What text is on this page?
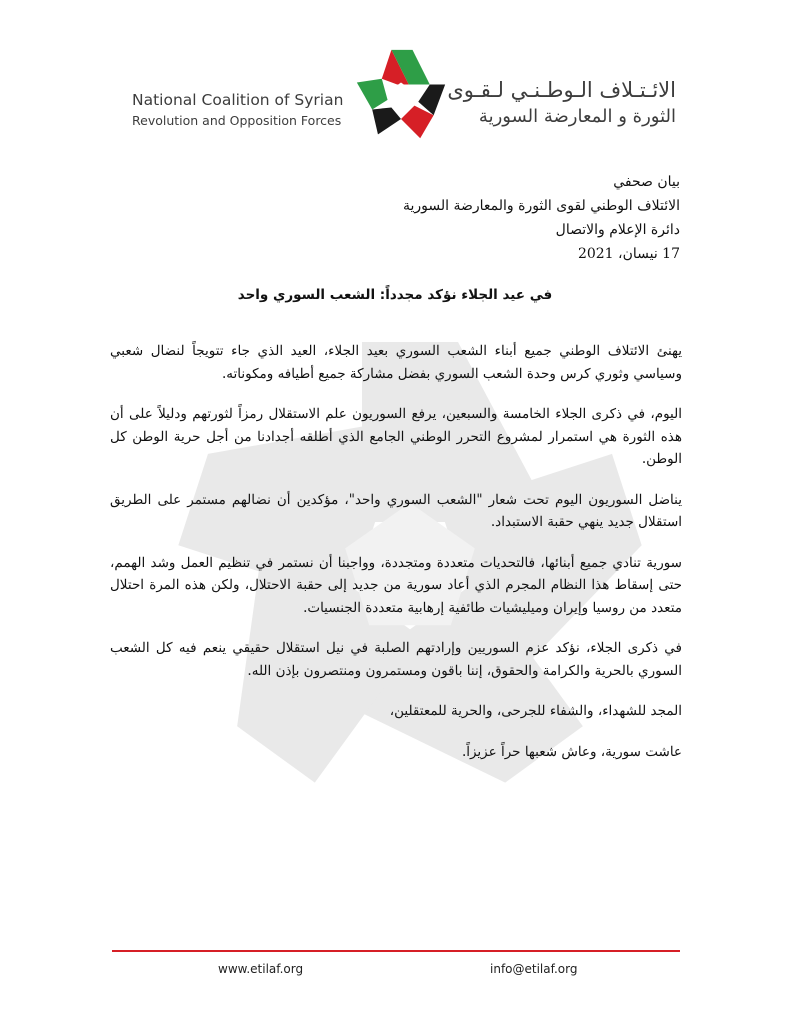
National Coalition of Syrian
Revolution and Opposition Forces
الائـتـلاف الـوطـنـي لـقـوى
الثورة و المعارضة السورية
بيان صحفي
الائتلاف الوطني لقوى الثورة والمعارضة السورية
دائرة الإعلام والاتصال
17 نيسان، 2021
في عيد الجلاء نؤكد مجدداً: الشعب السوري واحد

يهنئ الائتلاف الوطني جميع أبناء الشعب السوري بعيد الجلاء، العيد الذي جاء تتويجاً لنضال شعبي وسياسي وثوري كرس وحدة الشعب السوري بفضل مشاركة جميع أطيافه ومكوناته.

اليوم، في ذكرى الجلاء الخامسة والسبعين، يرفع السوريون علم الاستقلال رمزاً لثورتهم ودليلاً على أن هذه الثورة هي استمرار لمشروع التحرر الوطني الجامع الذي أطلقه أجدادنا من أجل حرية الوطن كل الوطن.

يناضل السوريون اليوم تحت شعار "الشعب السوري واحد"، مؤكدين أن نضالهم مستمر على الطريق استقلال جديد ينهي حقبة الاستبداد.

سورية تنادي جميع أبنائها، فالتحديات متعددة ومتجددة، وواجبنا أن نستمر في تنظيم العمل وشد الهمم، حتى إسقاط هذا النظام المجرم الذي أعاد سورية من جديد إلى حقبة الاحتلال، ولكن هذه المرة احتلال متعدد من روسيا وإيران وميليشيات طائفية إرهابية متعددة الجنسيات.

في ذكرى الجلاء، نؤكد عزم السوريين وإرادتهم الصلبة في نيل استقلال حقيقي ينعم فيه كل الشعب السوري بالحرية والكرامة والحقوق، إننا باقون ومستمرون ومنتصرون بإذن الله.

المجد للشهداء، والشفاء للجرحى، والحرية للمعتقلين،

عاشت سورية، وعاش شعبها حراً عزيزاً.

www.etilaf.org	info@etilaf.org
